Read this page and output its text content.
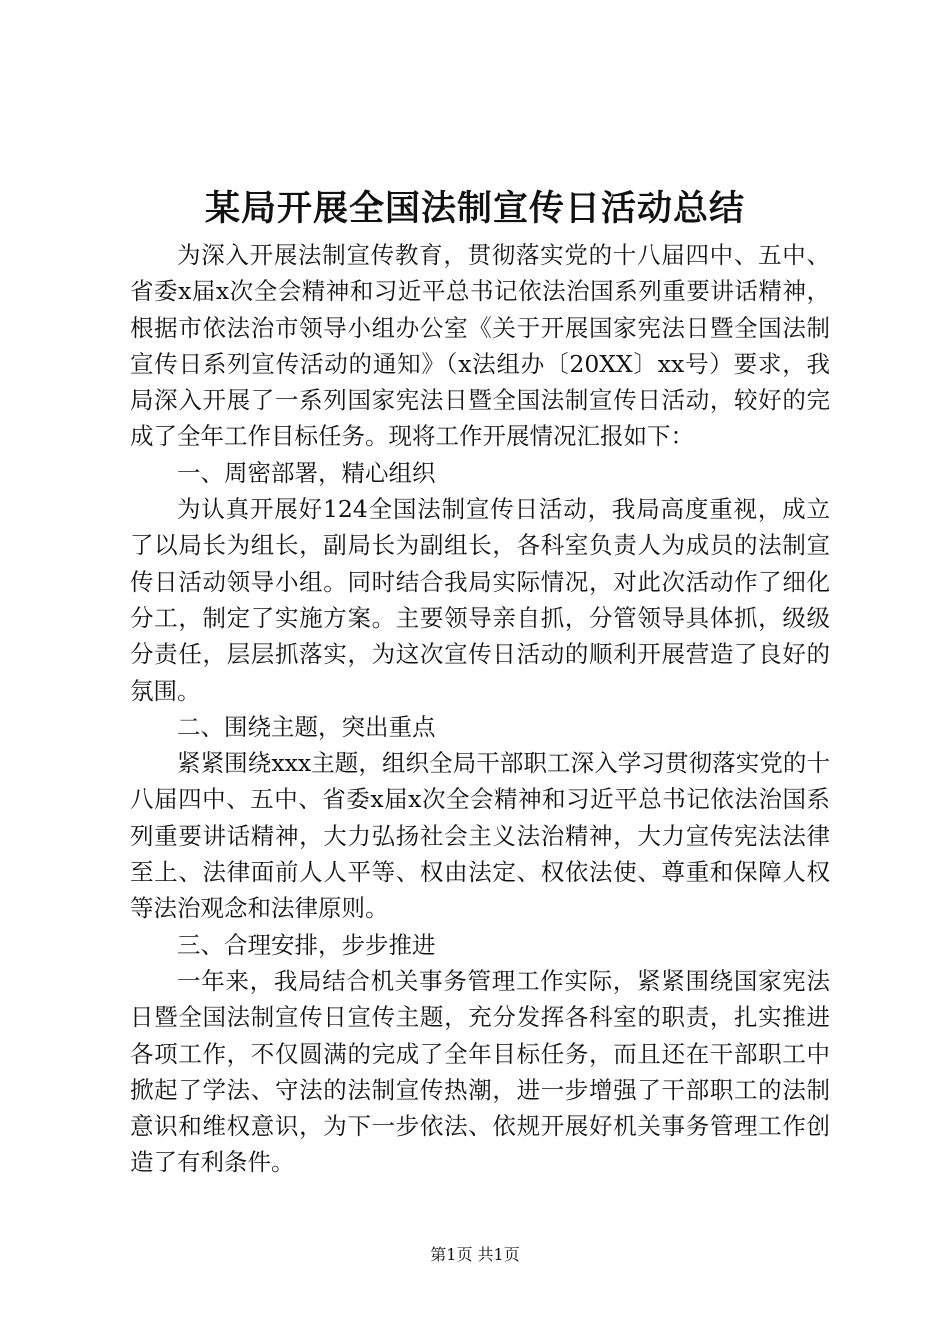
某局开展全国法制宣传日活动总结

为深入开展法制宣传教育，贯彻落实党的十八届四中、五中、省委x届x次全会精神和习近平总书记依法治国系列重要讲话精神，根据市依法治市领导小组办公室《关于开展国家宪法日暨全国法制宣传日系列宣传活动的通知》（x法组办〔20XX〕xx号）要求，我局深入开展了一系列国家宪法日暨全国法制宣传日活动，较好的完成了全年工作目标任务。现将工作开展情况汇报如下：

一、周密部署，精心组织

为认真开展好124全国法制宣传日活动，我局高度重视，成立了以局长为组长，副局长为副组长，各科室负责人为成员的法制宣传日活动领导小组。同时结合我局实际情况，对此次活动作了细化分工，制定了实施方案。主要领导亲自抓，分管领导具体抓，级级分责任，层层抓落实，为这次宣传日活动的顺利开展营造了良好的氛围。

二、围绕主题，突出重点

紧紧围绕xxx主题，组织全局干部职工深入学习贯彻落实党的十八届四中、五中、省委x届x次全会精神和习近平总书记依法治国系列重要讲话精神，大力弘扬社会主义法治精神，大力宣传宪法法律至上、法律面前人人平等、权由法定、权依法使、尊重和保障人权等法治观念和法律原则。

三、合理安排，步步推进

一年来，我局结合机关事务管理工作实际，紧紧围绕国家宪法日暨全国法制宣传日宣传主题，充分发挥各科室的职责，扎实推进各项工作，不仅圆满的完成了全年目标任务，而且还在干部职工中掀起了学法、守法的法制宣传热潮，进一步增强了干部职工的法制意识和维权意识，为下一步依法、依规开展好机关事务管理工作创造了有利条件。

第1页 共1页
